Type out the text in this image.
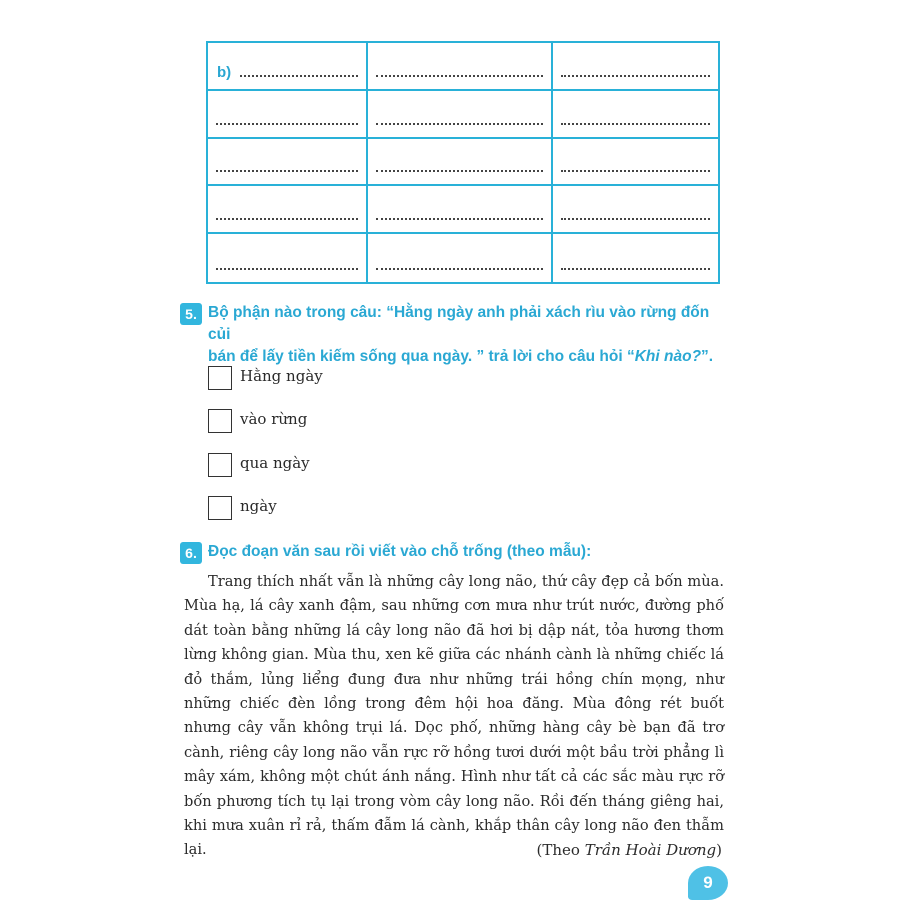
b)
5. Bộ phận nào trong câu: “Hằng ngày anh phải xách rìu vào rừng đốn củi
bán để lấy tiền kiếm sống qua ngày. ” trả lời cho câu hỏi “Khi nào?”.
Hằng ngày
vào rừng
qua ngày
ngày
6. Đọc đoạn văn sau rồi viết vào chỗ trống (theo mẫu):

Trang thích nhất vẫn là những cây long não, thứ cây đẹp cả bốn mùa. Mùa hạ, lá cây xanh đậm, sau những cơn mưa như trút nước, đường phố dát toàn bằng những lá cây long não đã hơi bị dập nát, tỏa hương thơm lừng không gian. Mùa thu, xen kẽ giữa các nhánh cành là những chiếc lá đỏ thắm, lủng liểng đung đưa như những trái hồng chín mọng, như những chiếc đèn lồng trong đêm hội hoa đăng. Mùa đông rét buốt nhưng cây vẫn không trụi lá. Dọc phố, những hàng cây bè bạn đã trơ cành, riêng cây long não vẫn rực rỡ hồng tươi dưới một bầu trời phẳng lì mây xám, không một chút ánh nắng. Hình như tất cả các sắc màu rực rỡ bốn phương tích tụ lại trong vòm cây long não. Rồi đến tháng giêng hai, khi mưa xuân rỉ rả, thấm đẫm lá cành, khắp thân cây long não đen thẫm lại.	(Theo Trần Hoài Dương)
9
